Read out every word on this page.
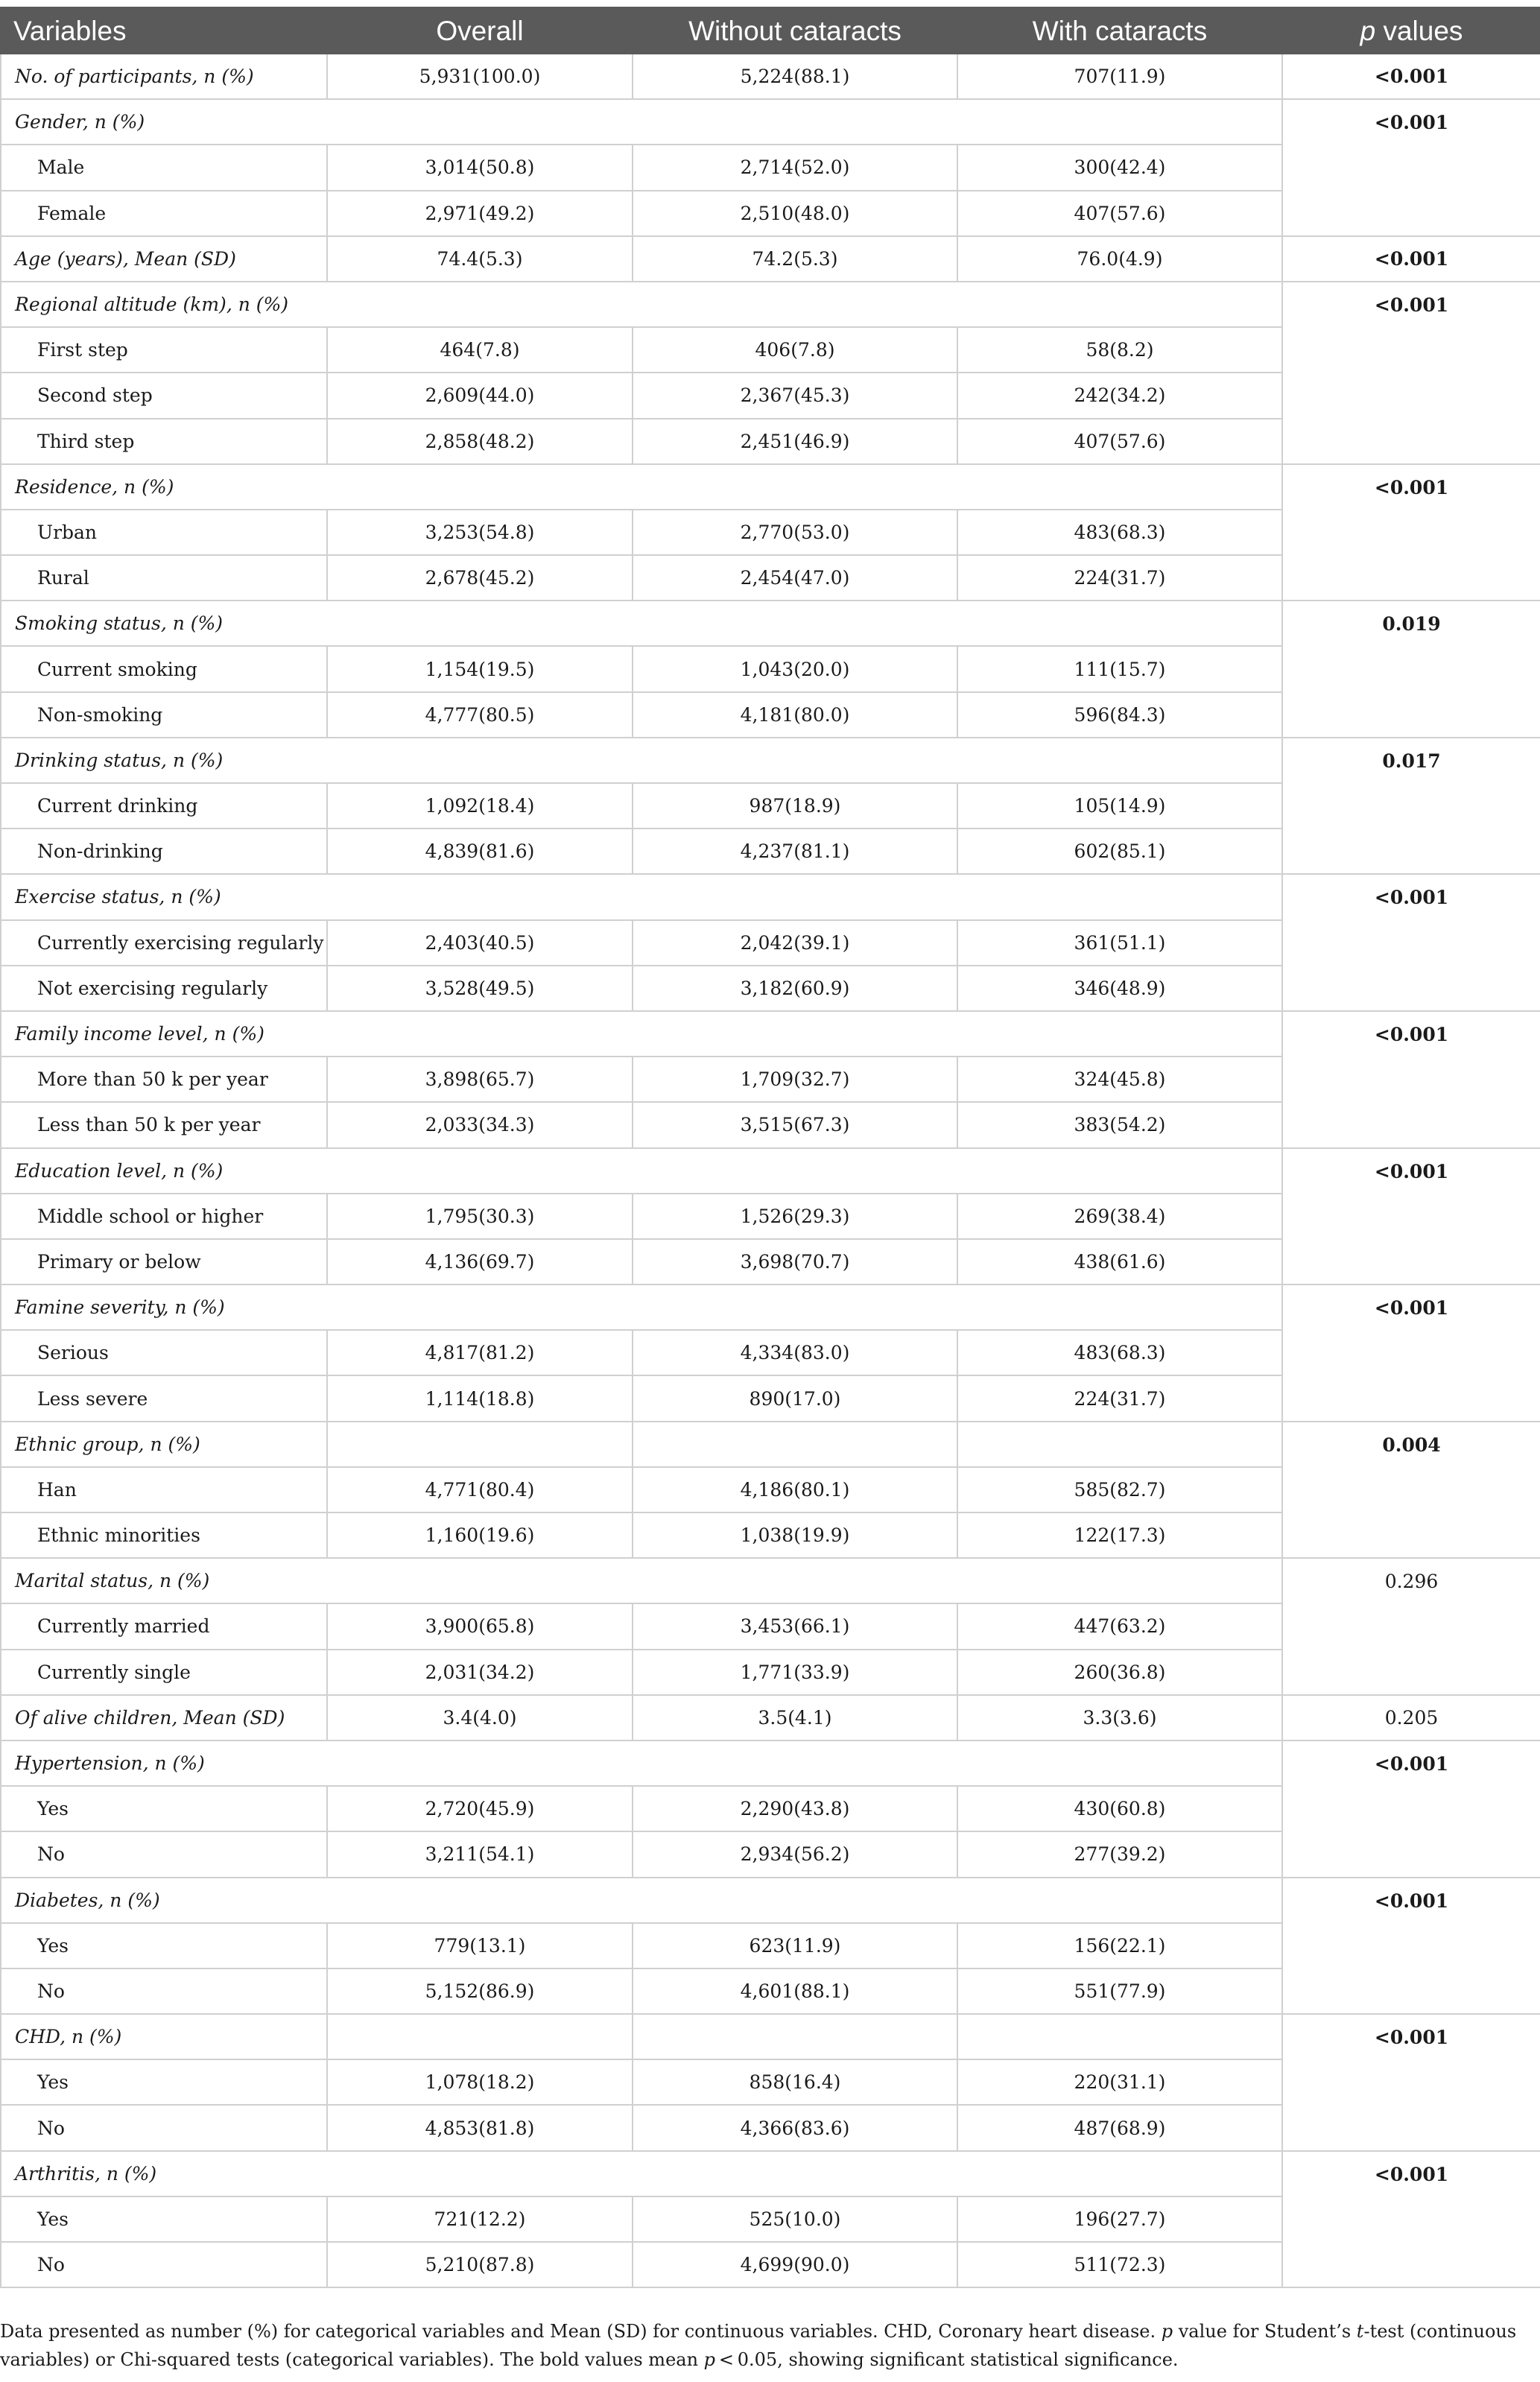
Variables	Overall	Without cataracts	With cataracts	p values
No. of participants, n (%)	5,931(100.0)	5,224(88.1)	707(11.9)	<0.001
Gender, n (%)				<0.001
Male	3,014(50.8)	2,714(52.0)	300(42.4)	
Female	2,971(49.2)	2,510(48.0)	407(57.6)	
Age (years), Mean (SD)	74.4(5.3)	74.2(5.3)	76.0(4.9)	<0.001
Regional altitude (km), n (%)				<0.001
First step	464(7.8)	406(7.8)	58(8.2)	
Second step	2,609(44.0)	2,367(45.3)	242(34.2)	
Third step	2,858(48.2)	2,451(46.9)	407(57.6)	
Residence, n (%)				<0.001
Urban	3,253(54.8)	2,770(53.0)	483(68.3)	
Rural	2,678(45.2)	2,454(47.0)	224(31.7)	
Smoking status, n (%)				0.019
Current smoking	1,154(19.5)	1,043(20.0)	111(15.7)	
Non-smoking	4,777(80.5)	4,181(80.0)	596(84.3)	
Drinking status, n (%)				0.017
Current drinking	1,092(18.4)	987(18.9)	105(14.9)	
Non-drinking	4,839(81.6)	4,237(81.1)	602(85.1)	
Exercise status, n (%)				<0.001
Currently exercising regularly	2,403(40.5)	2,042(39.1)	361(51.1)	
Not exercising regularly	3,528(49.5)	3,182(60.9)	346(48.9)	
Family income level, n (%)				<0.001
More than 50 k per year	3,898(65.7)	1,709(32.7)	324(45.8)	
Less than 50 k per year	2,033(34.3)	3,515(67.3)	383(54.2)	
Education level, n (%)				<0.001
Middle school or higher	1,795(30.3)	1,526(29.3)	269(38.4)	
Primary or below	4,136(69.7)	3,698(70.7)	438(61.6)	
Famine severity, n (%)				<0.001
Serious	4,817(81.2)	4,334(83.0)	483(68.3)	
Less severe	1,114(18.8)	890(17.0)	224(31.7)	
Ethnic group, n (%)				0.004
Han	4,771(80.4)	4,186(80.1)	585(82.7)	
Ethnic minorities	1,160(19.6)	1,038(19.9)	122(17.3)	
Marital status, n (%)				0.296
Currently married	3,900(65.8)	3,453(66.1)	447(63.2)	
Currently single	2,031(34.2)	1,771(33.9)	260(36.8)	
Of alive children, Mean (SD)	3.4(4.0)	3.5(4.1)	3.3(3.6)	0.205
Hypertension, n (%)				<0.001
Yes	2,720(45.9)	2,290(43.8)	430(60.8)	
No	3,211(54.1)	2,934(56.2)	277(39.2)	
Diabetes, n (%)				<0.001
Yes	779(13.1)	623(11.9)	156(22.1)	
No	5,152(86.9)	4,601(88.1)	551(77.9)	
CHD, n (%)				<0.001
Yes	1,078(18.2)	858(16.4)	220(31.1)	
No	4,853(81.8)	4,366(83.6)	487(68.9)	
Arthritis, n (%)				<0.001
Yes	721(12.2)	525(10.0)	196(27.7)	
No	5,210(87.8)	4,699(90.0)	511(72.3)	
Data presented as number (%) for categorical variables and Mean (SD) for continuous variables. CHD, Coronary heart disease. p value for Student’s t-test (continuous variables) or Chi-squared tests (categorical variables). The bold values mean p < 0.05, showing significant statistical significance.
